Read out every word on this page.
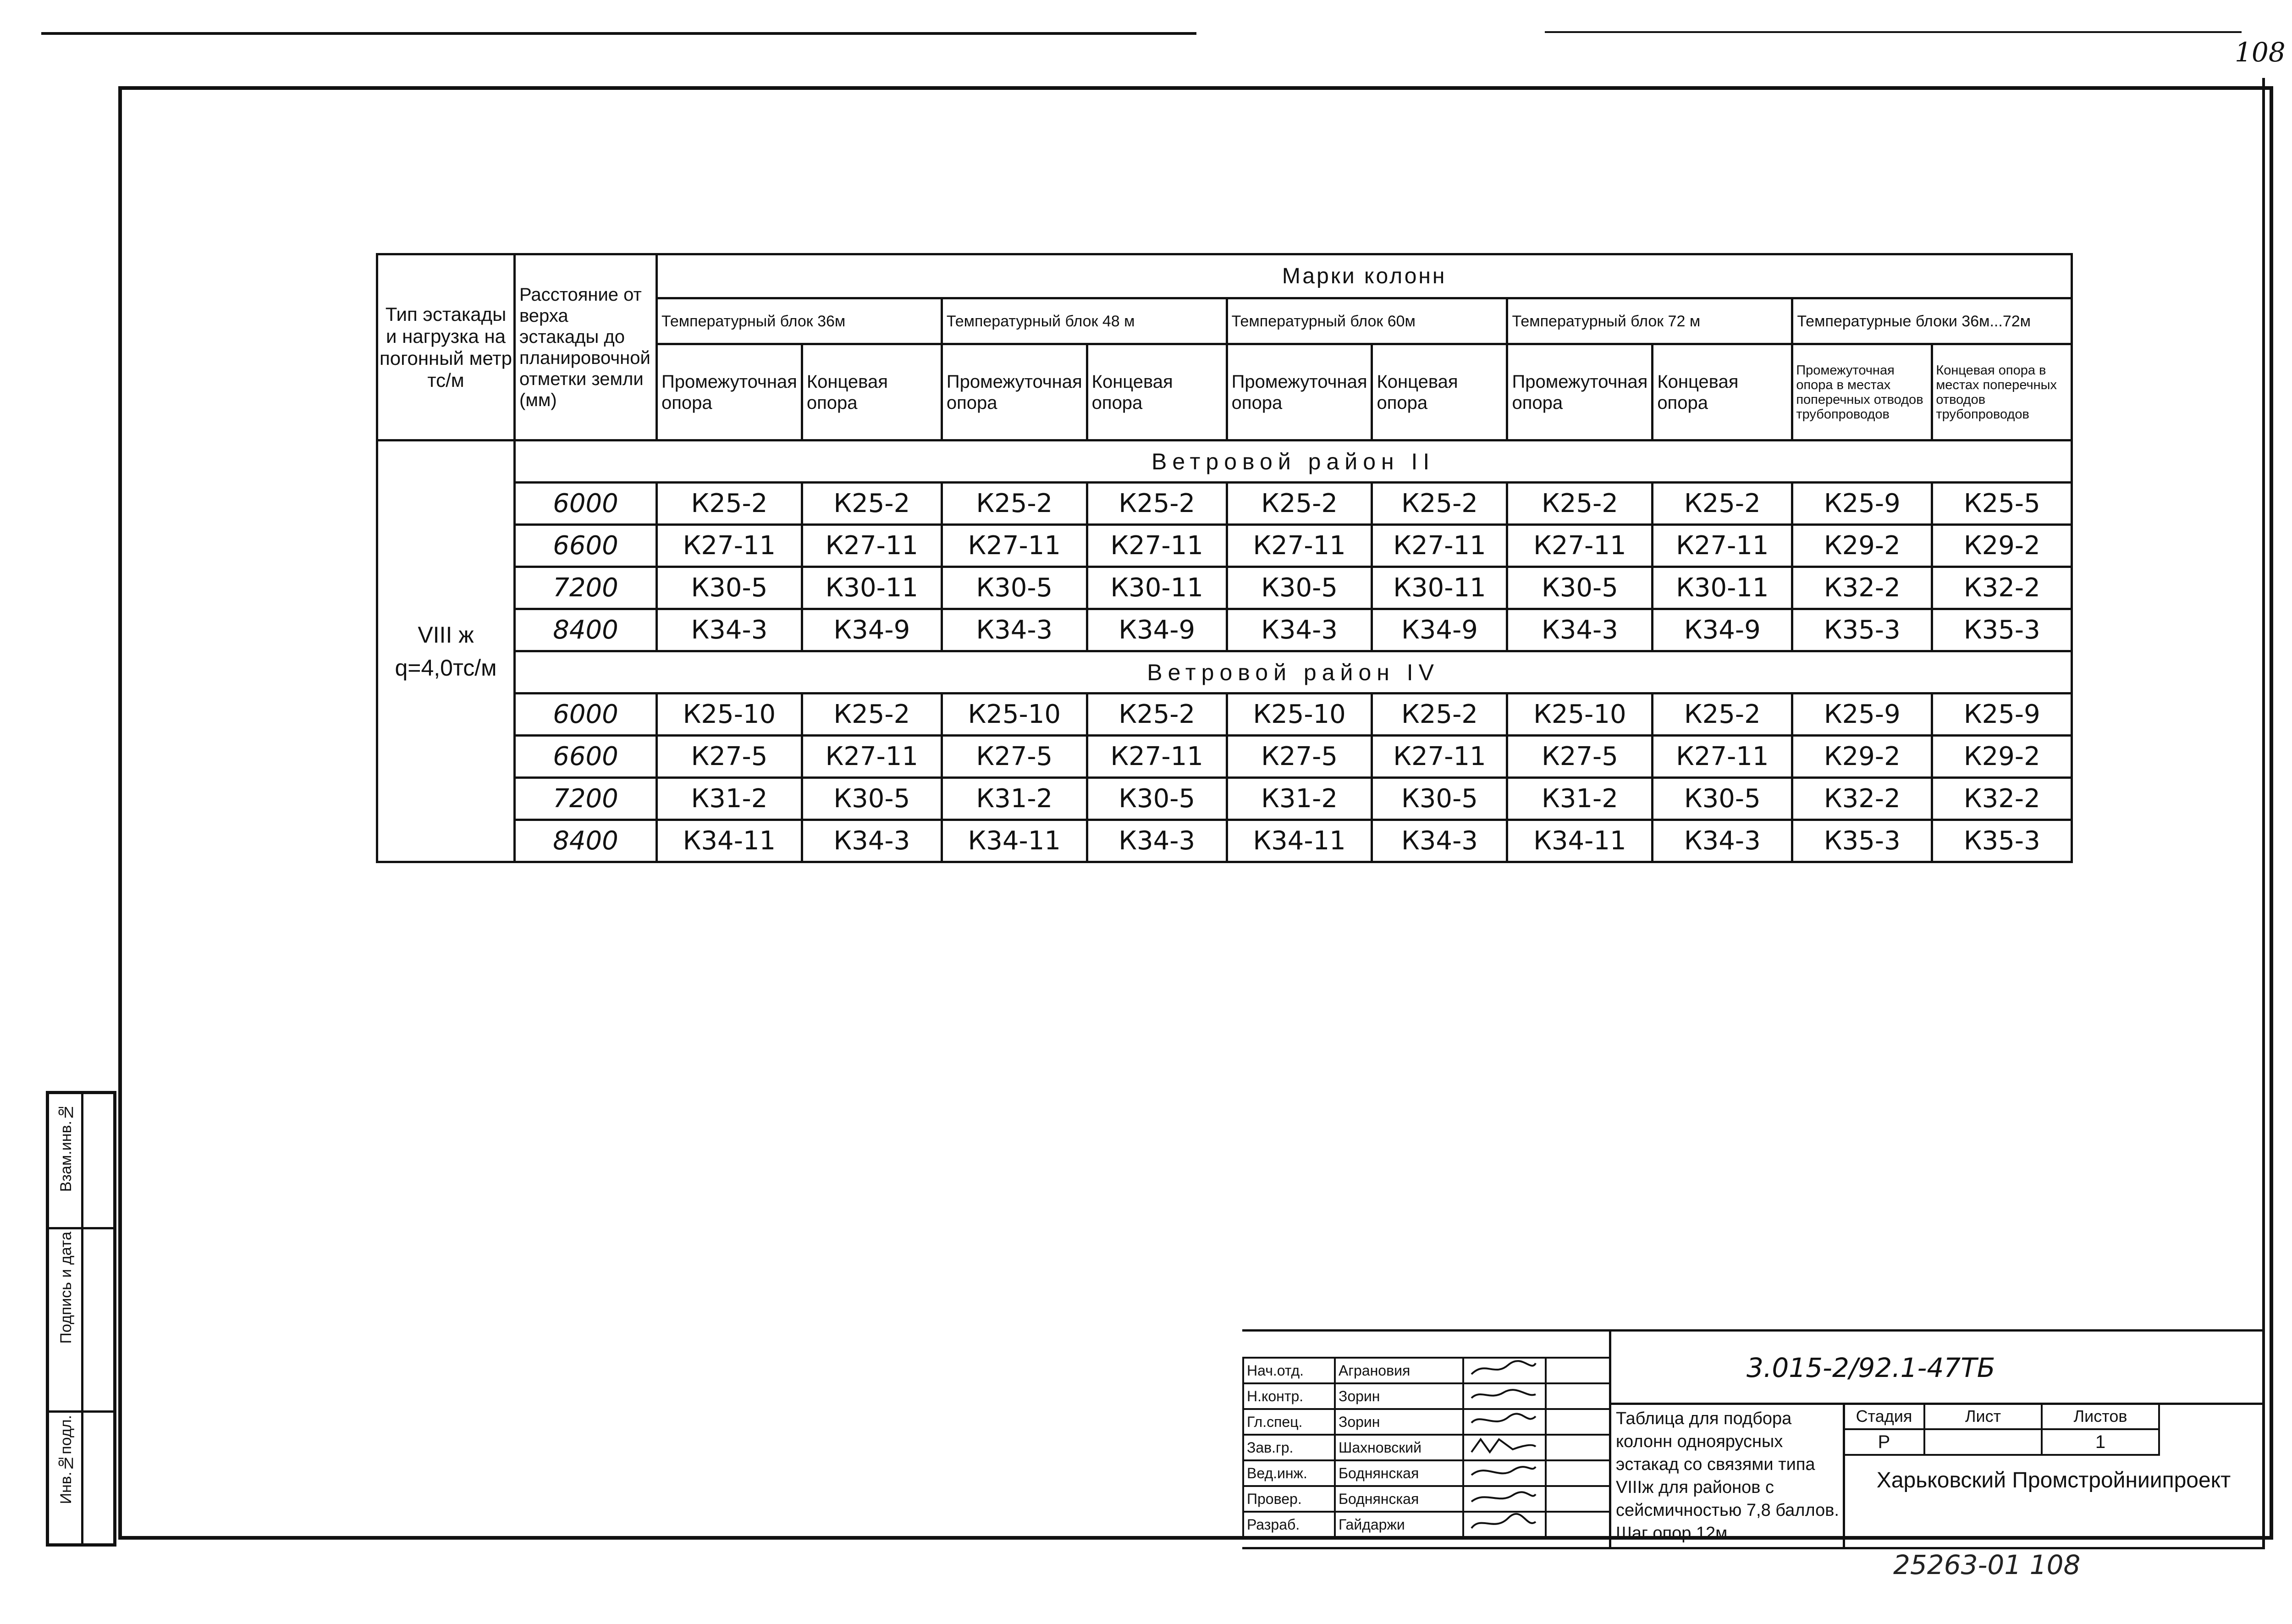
108
Тип эстакады и нагрузка на погонный метр тс/м	Расстояние от верха эстакады до планировочной отметки земли (мм)	Марки колонн									
		Температурный блок 36м		Температурный блок 48 м		Температурный блок 60м		Температурный блок 72 м		Температурные блоки 36м...72м	
		Промежуточная опора	Концевая опора	Промежуточная опора	Концевая опора	Промежуточная опора	Концевая опора	Промежуточная опора	Концевая опора	Промежуточная опора в местах поперечных отводов трубопроводов	Концевая опора в местах поперечных отводов трубопроводов

VIII ж
q=4,0тс/м	Ветровой район II										
	6000	К25-2	К25-2	К25-2	К25-2	К25-2	К25-2	К25-2	К25-2	К25-9	К25-5
	6600	К27-11	К27-11	К27-11	К27-11	К27-11	К27-11	К27-11	К27-11	К29-2	К29-2
	7200	К30-5	К30-11	К30-5	К30-11	К30-5	К30-11	К30-5	К30-11	К32-2	К32-2
	8400	К34-3	К34-9	К34-3	К34-9	К34-3	К34-9	К34-3	К34-9	К35-3	К35-3
	Ветровой район IV										
	6000	К25-10	К25-2	К25-10	К25-2	К25-10	К25-2	К25-10	К25-2	К25-9	К25-9
	6600	К27-5	К27-11	К27-5	К27-11	К27-5	К27-11	К27-5	К27-11	К29-2	К29-2
	7200	К31-2	К30-5	К31-2	К30-5	К31-2	К30-5	К31-2	К30-5	К32-2	К32-2
	8400	К34-11	К34-3	К34-11	К34-3	К34-11	К34-3	К34-11	К34-3	К35-3	К35-3
Инв.№подл.
Подпись и дата
Взам.инв.№
Нач.отд.	Аграновия		
Н.контр.	Зорин		
Гл.спец.	Зорин		
Зав.гр.	Шахновский		
Вед.инж.	Боднянская		
Провер.	Боднянская		
Разраб.	Гайдаржи		
3.015-2/92.1-47ТБ
Таблица для подбора колонн одноярусных эстакад со связями типа VIIIж для районов с сейсмичностью 7,8 баллов. Шаг опор 12м.
Стадия	Лист	Листов
Р		1
Харьковский Промстройниипроект
25263-01 108
